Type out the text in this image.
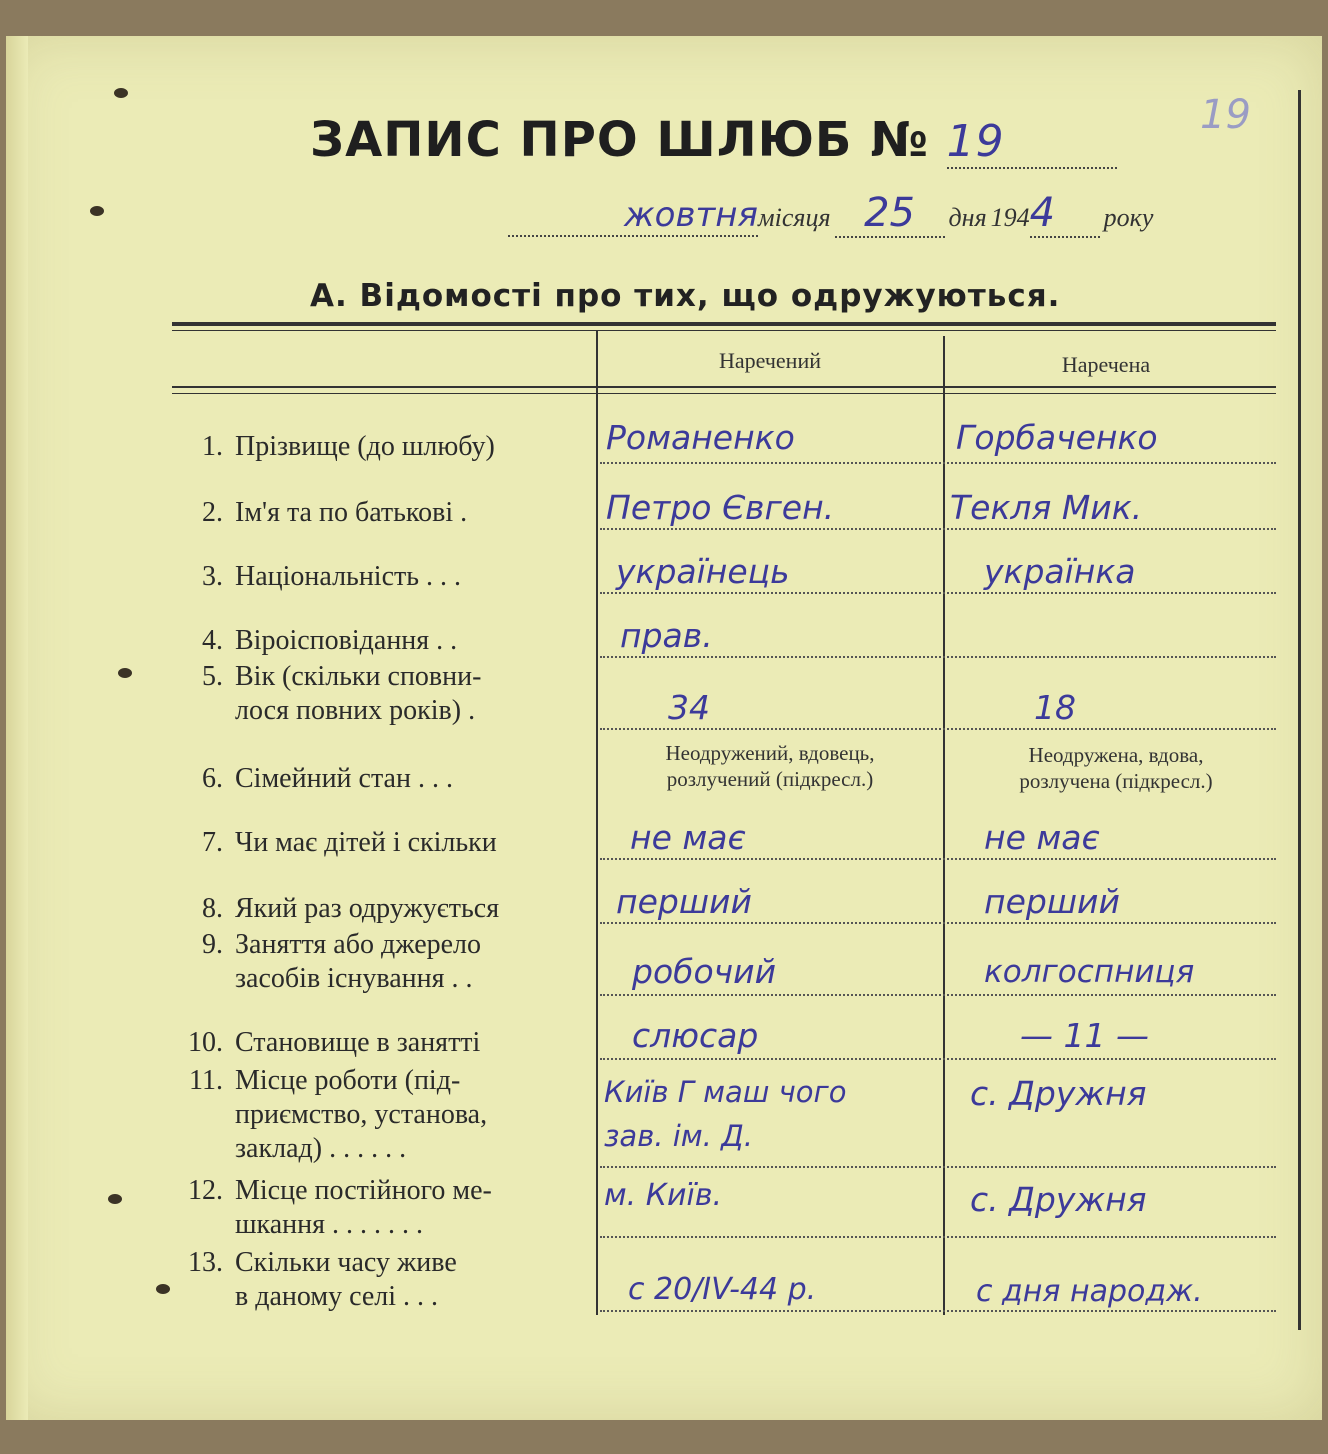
19
ЗАПИС ПРО ШЛЮБ № 19
жовтнямісяця 25 дня 1944 року
А. Відомості про тих, що одружуються.
Наречений	Наречена
1. Прізвище (до шлюбу)
2. Ім'я та по батькові .
3. Національність . . .
4. Віроісповідання . .
5. Вік (скільки сповни-
лося повних років) .
6. Сімейний стан . . .
7. Чи має дітей і скільки
8. Який раз одружується
9. Заняття або джерело
засобів існування . .
10. Становище в занятті
11. Місце роботи (під-
приємство, установа,
заклад) . . . . . .
12. Місце постійного ме-
шкання . . . . . . .
13. Скільки часу живе
в даному селі . . .
Романенко
Петро Євген.
українець
прав.
34
Неодружений, вдовець,
розлучений (підкресл.)
не має
перший
робочий
слюсар
Київ Г маш чого
зав. ім. Д.
м. Київ.
с 20/IV-44 р.
Горбаченко
Текля Мик.
українка
18
Неодружена, вдова,
розлучена (підкресл.)
не має
перший
колгоспниця
— 11 —
с. Дружня
с. Дружня
с дня народж.
